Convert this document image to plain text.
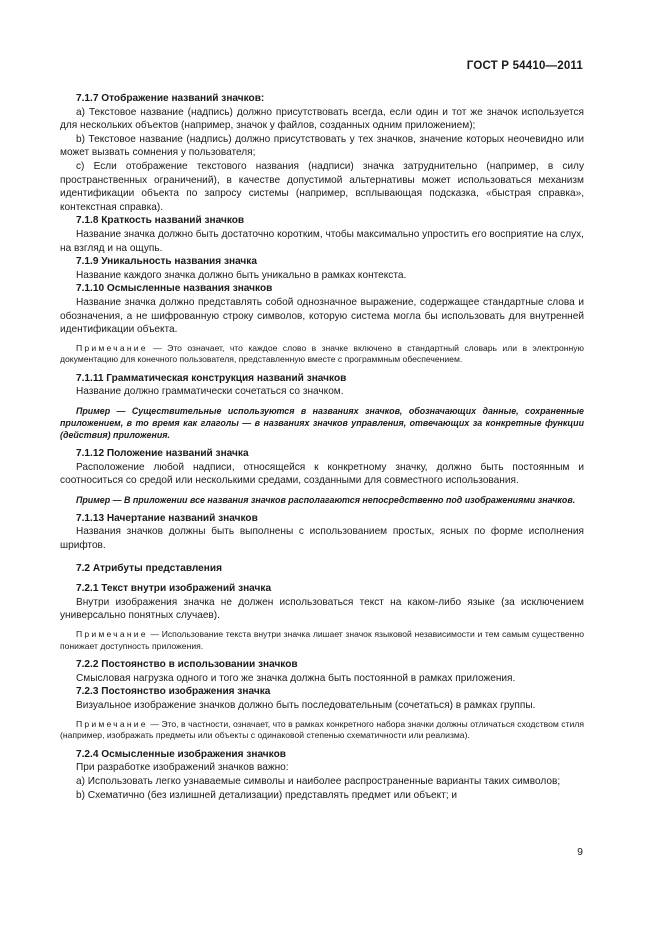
ГОСТ Р 54410—2011

7.1.7 Отображение названий значков:

a) Текстовое название (надпись) должно присутствовать всегда, если один и тот же значок используется для нескольких объектов (например, значок у файлов, созданных одним приложением);

b) Текстовое название (надпись) должно присутствовать у тех значков, значение которых неочевидно или может вызвать сомнения у пользователя;

c) Если отображение текстового названия (надписи) значка затруднительно (например, в силу пространственных ограничений), в качестве допустимой альтернативы может использоваться механизм идентификации объекта по запросу системы (например, всплывающая подсказка, «быстрая справка», контекстная справка).

7.1.8 Краткость названий значков

Название значка должно быть достаточно коротким, чтобы максимально упростить его восприятие на слух, на взгляд и на ощупь.

7.1.9 Уникальность названия значка

Название каждого значка должно быть уникально в рамках контекста.

7.1.10 Осмысленные названия значков

Название значка должно представлять собой однозначное выражение, содержащее стандартные слова и обозначения, а не шифрованную строку символов, которую система могла бы использовать для внутренней идентификации объекта.

Примечание — Это означает, что каждое слово в значке включено в стандартный словарь или в электронную документацию для конечного пользователя, представленную вместе с программным обеспечением.

7.1.11 Грамматическая конструкция названий значков

Название должно грамматически сочетаться со значком.

Пример — Существительные используются в названиях значков, обозначающих данные, сохраненные приложением, в то время как глаголы — в названиях значков управления, отвечающих за конкретные функции (действия) приложения.

7.1.12 Положение названий значка

Расположение любой надписи, относящейся к конкретному значку, должно быть постоянным и соотноситься со средой или несколькими средами, созданными для совместного использования.

Пример — В приложении все названия значков располагаются непосредственно под изображениями значков.

7.1.13 Начертание названий значков

Названия значков должны быть выполнены с использованием простых, ясных по форме исполнения шрифтов.

7.2 Атрибуты представления

7.2.1 Текст внутри изображений значка

Внутри изображения значка не должен использоваться текст на каком-либо языке (за исключением универсально понятных случаев).

Примечание — Использование текста внутри значка лишает значок языковой независимости и тем самым существенно понижает доступность приложения.

7.2.2 Постоянство в использовании значков

Смысловая нагрузка одного и того же значка должна быть постоянной в рамках приложения.

7.2.3 Постоянство изображения значка

Визуальное изображение значков должно быть последовательным (сочетаться) в рамках группы.

Примечание — Это, в частности, означает, что в рамках конкретного набора значки должны отличаться сходством стиля (например, изображать предметы или объекты с одинаковой степенью схематичности или реализма).

7.2.4 Осмысленные изображения значков

При разработке изображений значков важно:

a) Использовать легко узнаваемые символы и наиболее распространенные варианты таких символов;

b) Схематично (без излишней детализации) представлять предмет или объект; и

9
